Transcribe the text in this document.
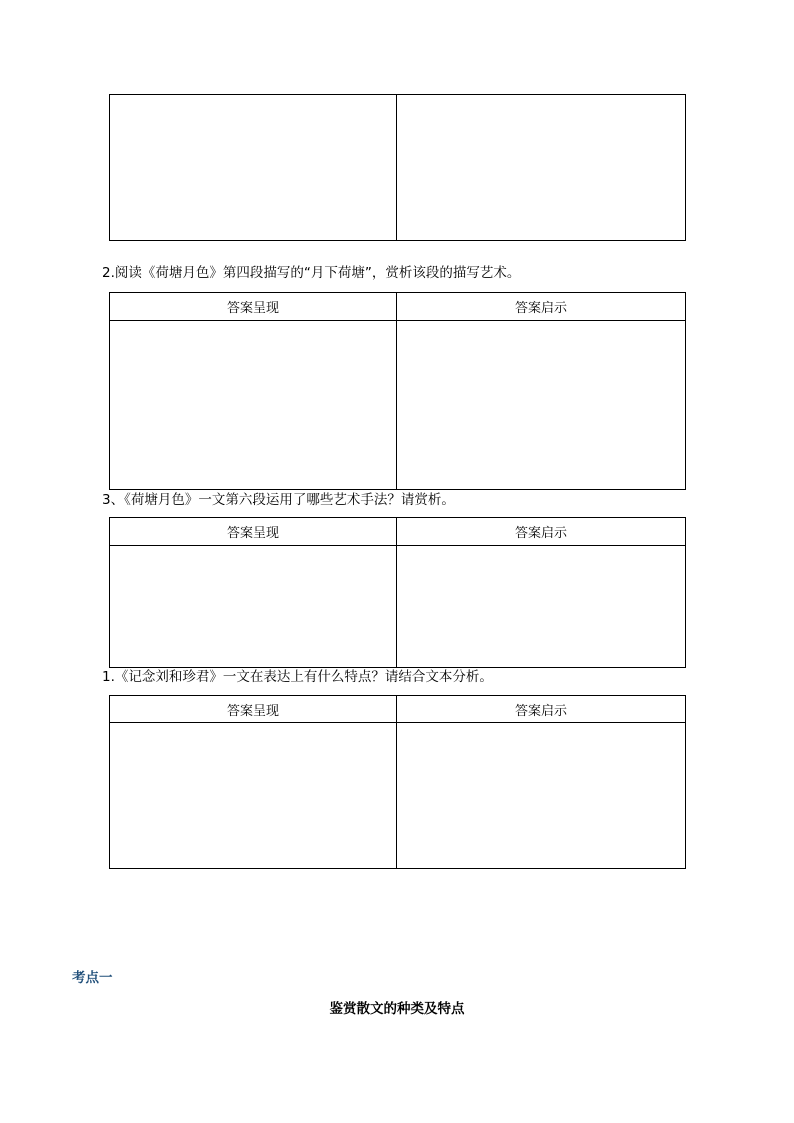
2.阅读《荷塘月色》第四段描写的“月下荷塘”，赏析该段的描写艺术。
答案呈现	答案启示

3、《荷塘月色》一文第六段运用了哪些艺术手法？请赏析。
答案呈现	答案启示

1.《记念刘和珍君》一文在表达上有什么特点？请结合文本分析。
答案呈现	答案启示

考点一
鉴赏散文的种类及特点
